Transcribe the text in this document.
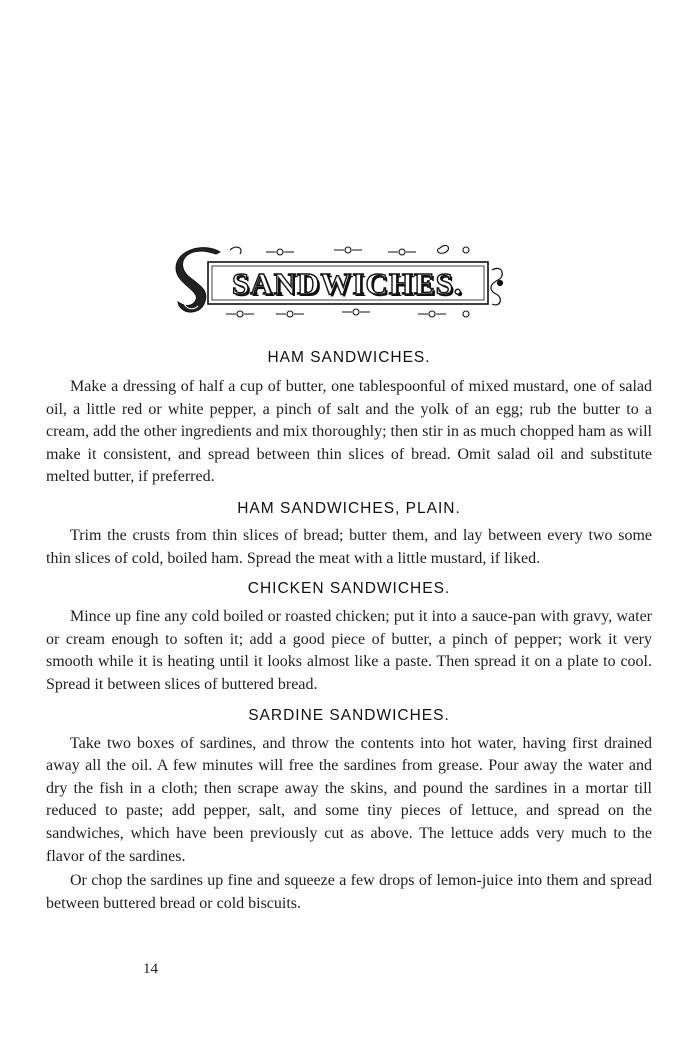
SANDWICHES.
HAM SANDWICHES.

Make a dressing of half a cup of butter, one tablespoonful of mixed mustard, one of salad oil, a little red or white pepper, a pinch of salt and the yolk of an egg; rub the butter to a cream, add the other ingredients and mix thoroughly; then stir in as much chopped ham as will make it consistent, and spread between thin slices of bread. Omit salad oil and substitute melted butter, if preferred.

HAM SANDWICHES, PLAIN.

Trim the crusts from thin slices of bread; butter them, and lay between every two some thin slices of cold, boiled ham. Spread the meat with a little mustard, if liked.

CHICKEN SANDWICHES.

Mince up fine any cold boiled or roasted chicken; put it into a sauce-pan with gravy, water or cream enough to soften it; add a good piece of butter, a pinch of pepper; work it very smooth while it is heating until it looks almost like a paste. Then spread it on a plate to cool. Spread it between slices of buttered bread.

SARDINE SANDWICHES.

Take two boxes of sardines, and throw the contents into hot water, having first drained away all the oil. A few minutes will free the sardines from grease. Pour away the water and dry the fish in a cloth; then scrape away the skins, and pound the sardines in a mortar till reduced to paste; add pepper, salt, and some tiny pieces of lettuce, and spread on the sandwiches, which have been previously cut as above. The lettuce adds very much to the flavor of the sardines.

Or chop the sardines up fine and squeeze a few drops of lemon-juice into them and spread between buttered bread or cold biscuits.

14
